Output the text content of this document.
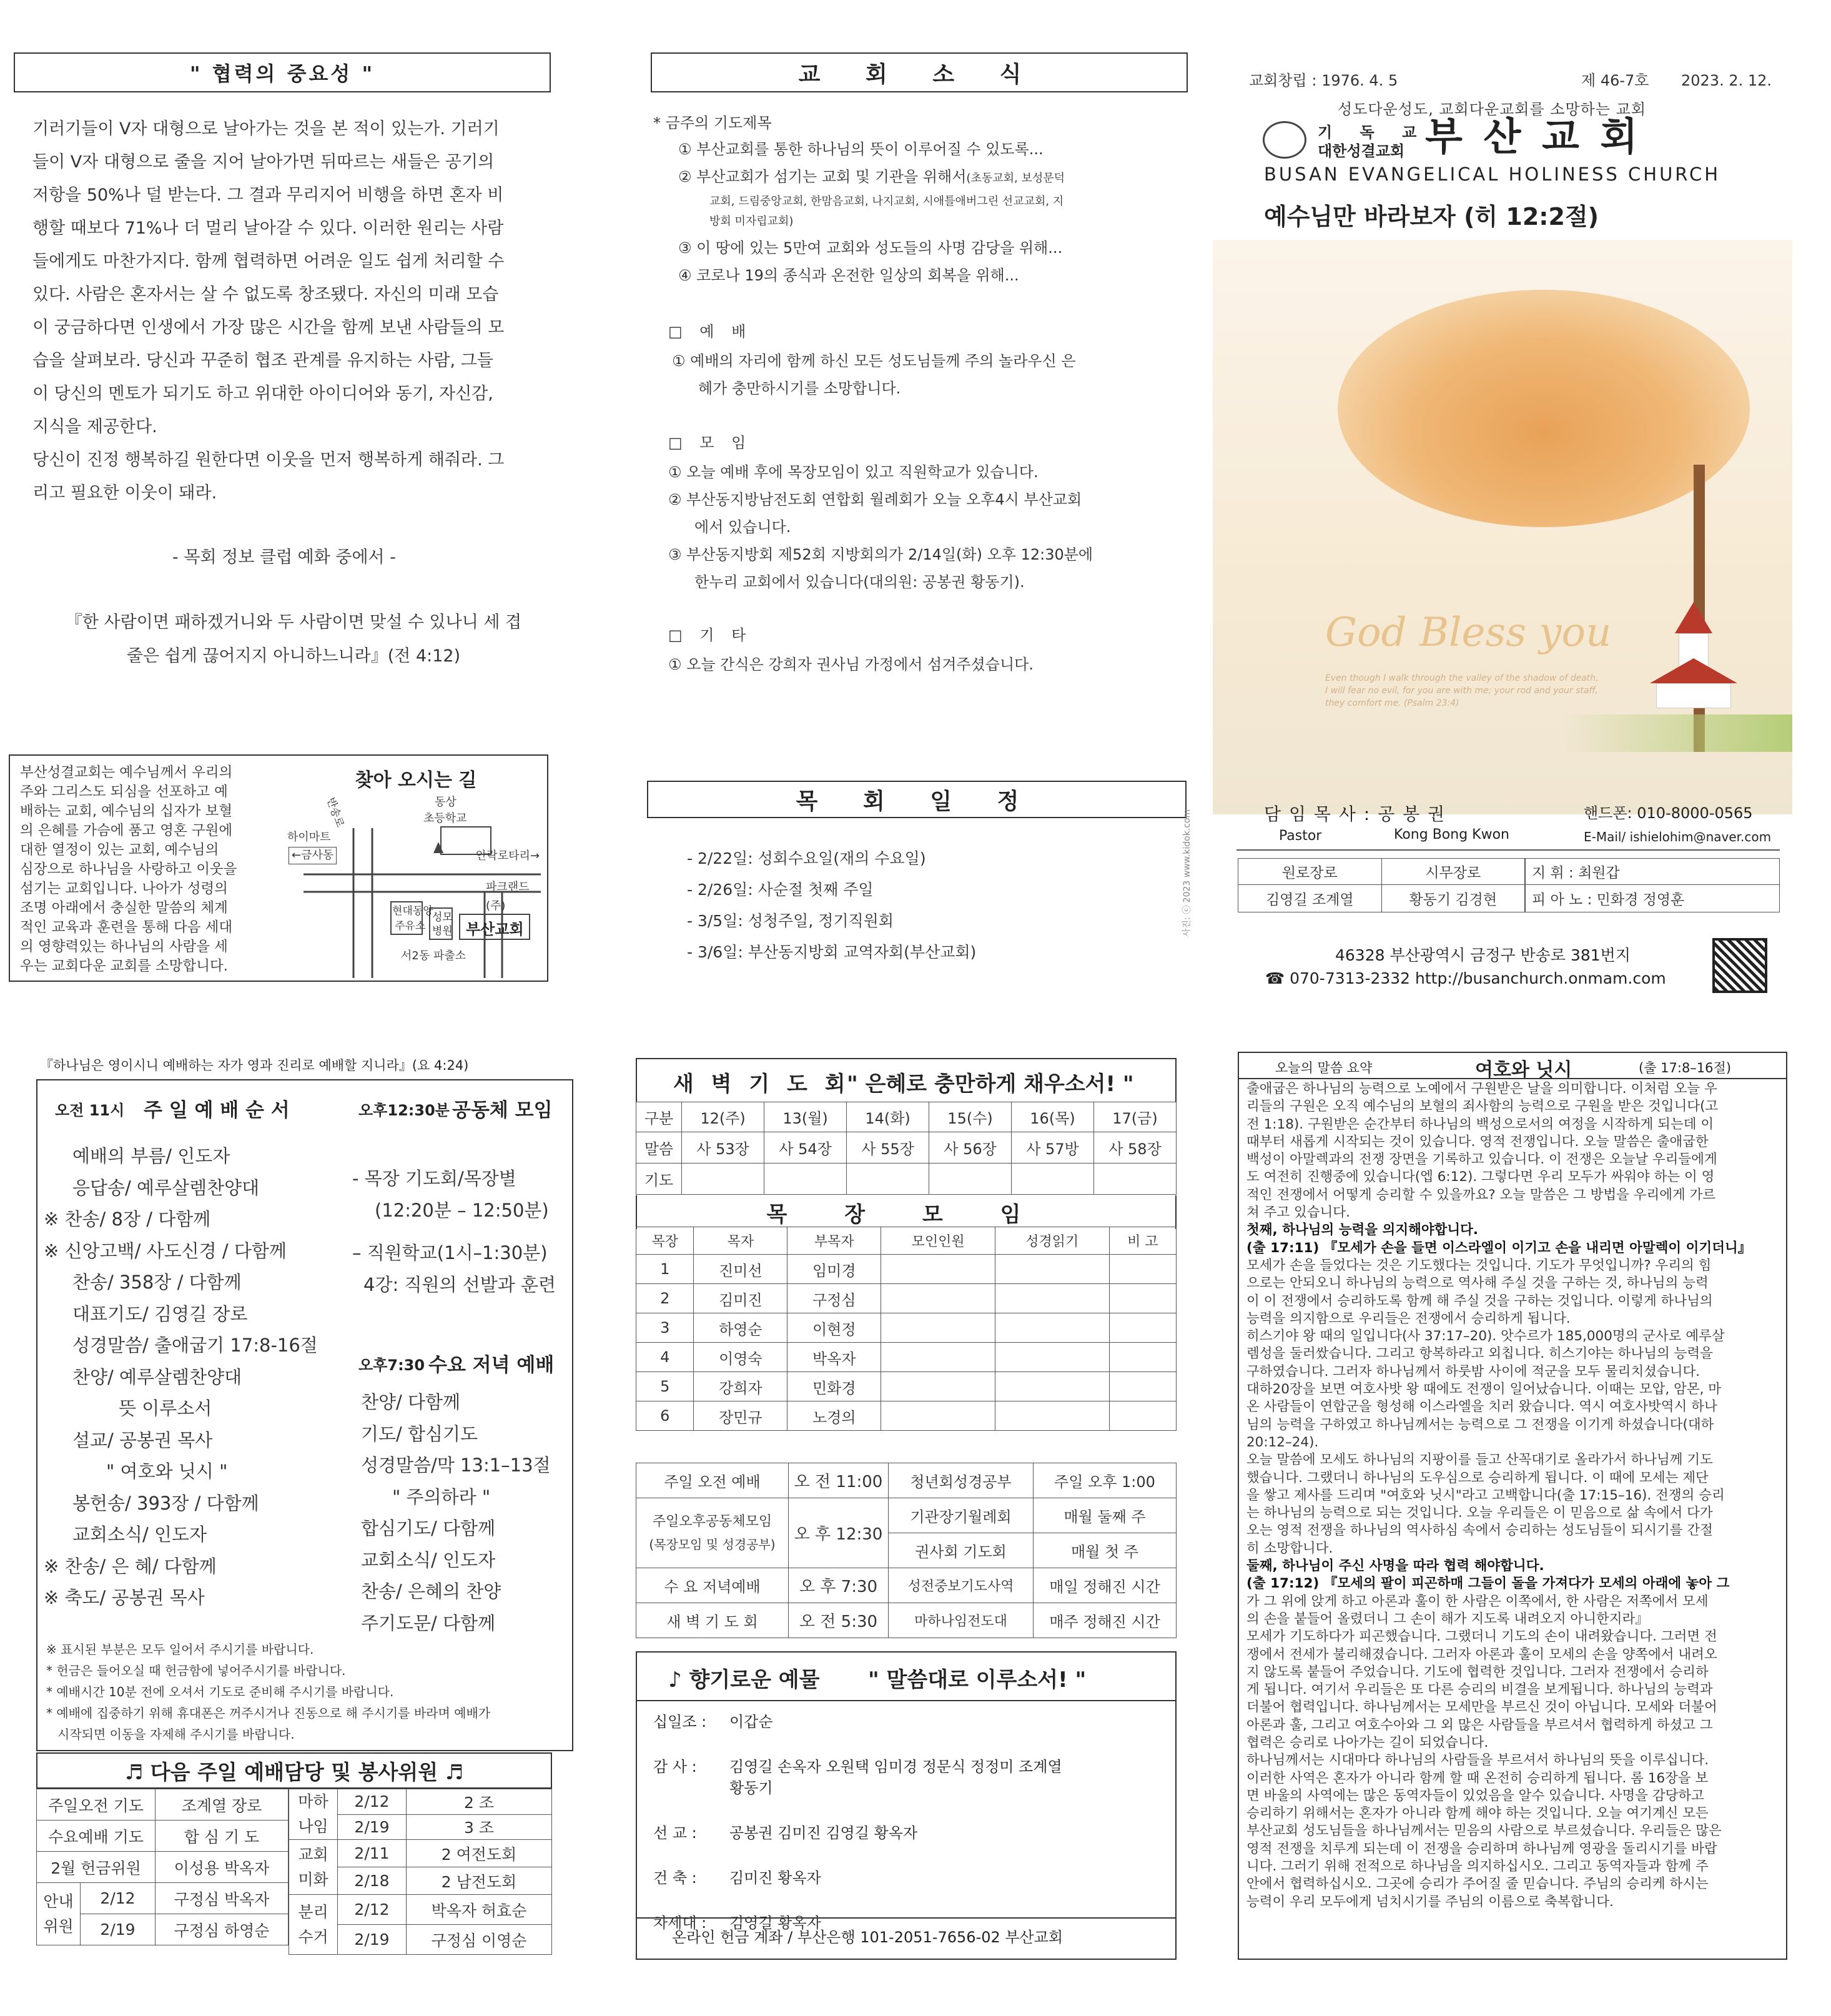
" 협력의 중요성 "
기러기들이 V자 대형으로 날아가는 것을 본 적이 있는가. 기러기
들이 V자 대형으로 줄을 지어 날아가면 뒤따르는 새들은 공기의
저항을 50%나 덜 받는다. 그 결과 무리지어 비행을 하면 혼자 비
행할 때보다 71%나 더 멀리 날아갈 수 있다. 이러한 원리는 사람
들에게도 마찬가지다. 함께 협력하면 어려운 일도 쉽게 처리할 수
있다. 사람은 혼자서는 살 수 없도록 창조됐다. 자신의 미래 모습
이 궁금하다면 인생에서 가장 많은 시간을 함께 보낸 사람들의 모
습을 살펴보라. 당신과 꾸준히 협조 관계를 유지하는 사람, 그들
이 당신의 멘토가 되기도 하고 위대한 아이디어와 동기, 자신감,
지식을 제공한다.
당신이 진정 행복하길 원한다면 이웃을 먼저 행복하게 해줘라. 그
리고 필요한 이웃이 돼라.
- 목회 정보 클럽 예화 중에서 -
『한 사람이면 패하겠거니와 두 사람이면 맞설 수 있나니 세 겹
줄은 쉽게 끊어지지 아니하느니라』(전 4:12)
부산성결교회는 예수님께서 우리의
주와 그리스도 되심을 선포하고 예
배하는 교회, 예수님의 십자가 보혈
의 은혜를 가슴에 품고 영혼 구원에
대한 열정이 있는 교회, 예수님의
심장으로 하나님을 사랑하고 이웃을
섬기는 교회입니다. 나아가 성령의
조명 아래에서 충실한 말씀의 체계
적인 교육과 훈련을 통해 다음 세대
의 영향력있는 하나님의 사람을 세
우는 교회다운 교회를 소망합니다.
찾아 오시는 길
하이마트
←금사동
동상
초등학교
안락로타리→
파크랜드(주)
현대동양
주유소
성모
병원 부산교회
서2동 파출소
반송로
교 회 소 식
* 금주의 기도제목
① 부산교회를 통한 하나님의 뜻이 이루어질 수 있도록...
② 부산교회가 섬기는 교회 및 기관을 위해서(초동교회, 보성문덕
교회, 드림중앙교회, 한맘음교회, 나지교회, 시애틀애버그린 선교교회, 지
방회 미자립교회)
③ 이 땅에 있는 5만여 교회와 성도들의 사명 감당을 위해...
④ 코로나 19의 종식과 온전한 일상의 회복을 위해...
□ 예 배
① 예배의 자리에 함께 하신 모든 성도님들께 주의 놀라우신 은
혜가 충만하시기를 소망합니다.
□ 모 임
① 오늘 예배 후에 목장모임이 있고 직원학교가 있습니다.
② 부산동지방남전도회 연합회 월례회가 오늘 오후4시 부산교회
에서 있습니다.
③ 부산동지방회 제52회 지방회의가 2/14일(화) 오후 12:30분에
한누리 교회에서 있습니다(대의원: 공봉권 황동기).
□ 기 타
① 오늘 간식은 강희자 권사님 가정에서 섬겨주셨습니다.
목 회 일 정
- 2/22일: 성회수요일(재의 수요일)
- 2/26일: 사순절 첫째 주일
- 3/5일: 성청주일, 정기직원회
- 3/6일: 부산동지방회 교역자회(부산교회)
교회창립 : 1976. 4. 5	제 46-7호 2023. 2. 12.
성도다운성도, 교회다운교회를 소망하는 교회
기 독 교
대한성결교회 부 산 교 회
BUSAN EVANGELICAL HOLINESS CHURCH
예수님만 바라보자 (히 12:2절)
God Bless you
Even though I walk through the valley of the shadow of death,
I will fear no evil, for you are with me; your rod and your staff,
they comfort me. (Psalm 23:4)
담 임 목 사 : 공 봉 권	핸드폰: 010-8000-0565
Pastor	Kong Bong Kwon	E-Mail/ ishielohim@naver.com
원로장로	시무장로
김영길 조계열	황동기 김경현
지 휘 : 최원갑
피 아 노 : 민화경 정영훈
46328 부산광역시 금정구 반송로 381번지
☎ 070-7313-2332 http://busanchurch.onmam.com
사진: ⓒ 2023 www.kidok.com
『하나님은 영이시니 예배하는 자가 영과 진리로 예배할 지니라』(요 4:24)
오전 11시 주 일 예 배 순 서
예배의 부름/ 인도자
응답송/ 예루살렘찬양대
※ 찬송/ 8장 / 다함께
※ 신앙고백/ 사도신경 / 다함께
찬송/ 358장 / 다함께
대표기도/ 김영길 장로
성경말씀/ 출애굽기 17:8-16절
찬양/ 예루살렘찬양대
뜻 이루소서
설교/ 공봉권 목사
" 여호와 닛시 "
봉헌송/ 393장 / 다함께
교회소식/ 인도자
※ 찬송/ 은 혜/ 다함께
※ 축도/ 공봉권 목사
오후12:30분 공동체 모임
- 목장 기도회/목장별
(12:20분 – 12:50분)
– 직원학교(1시–1:30분)
4강: 직원의 선발과 훈련
오후7:30 수요 저녁 예배
찬양/ 다함께
기도/ 합심기도
성경말씀/막 13:1–13절
" 주의하라 "
합심기도/ 다함께
교회소식/ 인도자
찬송/ 은혜의 찬양
주기도문/ 다함께
※ 표시된 부분은 모두 일어서 주시기를 바랍니다.
* 헌금은 들어오실 때 헌금함에 넣어주시기를 바랍니다.
* 예배시간 10분 전에 오셔서 기도로 준비해 주시기를 바랍니다.
* 예배에 집중하기 위해 휴대폰은 꺼주시거나 진동으로 해 주시기를 바라며 예배가
시작되면 이동을 자제해 주시기를 바랍니다.
♬ 다음 주일 예배담당 및 봉사위원 ♬
주일오전 기도	조계열 장로
수요예배 기도	합 심 기 도
2월 헌금위원	이성용 박옥자
안내 위원	2/12	구정심 박옥자
	2/19	구정심 하영순
마하 나임	2/12	2 조
	2/19	3 조
교회 미화	2/11	2 여전도회
	2/18	2 남전도회
분리 수거	2/12	박옥자 허효순
	2/19	구정심 이영순
새 벽 기 도 회
" 은혜로 충만하게 채우소서! "
구분	12(주)	13(월)	14(화)	15(수)	16(목)	17(금)
말씀	사 53장	사 54장	사 55장	사 56장	사 57방	사 58장
기도						
목 장 모 임
목장	목자	부목자	모인인원	성경읽기	비 고
1	진미선	임미경			
2	김미진	구정심			
3	하영순	이현정			
4	이영숙	박옥자			
5	강희자	민화경			
6	장민규	노경의			
주일 오전 예배	오 전 11:00	청년회성경공부	주일 오후 1:00

주일오후공동체모임
(목장모임 및 성경공부)	오 후 12:30	기관장기월례회	매월 둘째 주
		권사회 기도회	매월 첫 주
수 요 저녁예배	오 후 7:30	성전중보기도사역	매일 정해진 시간
새 벽 기 도 회	오 전 5:30	마하나임전도대	매주 정해진 시간
♪ 향기로운 예물 " 말씀대로 이루소서! "
십일조 :	이갑순
감 사 :	김영길 손옥자 오원택 임미경 정문식 정정미 조계열
황동기
선 교 :	공봉권 김미진 김영길 황옥자
건 축 :	김미진 황옥자
차세대 :	김영길 황옥자
온라인 헌금 계좌 / 부산은행 101-2051-7656-02 부산교회
오늘의 말씀 요약	여호와 닛시	(출 17:8–16절)
출애굽은 하나님의 능력으로 노예에서 구원받은 날을 의미합니다. 이처럼 오늘 우
리들의 구원은 오직 예수님의 보혈의 죄사함의 능력으로 구원을 받은 것입니다(고
전 1:18). 구원받은 순간부터 하나님의 백성으로서의 여정을 시작하게 되는데 이
때부터 새롭게 시작되는 것이 있습니다. 영적 전쟁입니다. 오늘 말씀은 출애굽한
백성이 아말렉과의 전쟁 장면을 기록하고 있습니다. 이 전쟁은 오늘날 우리들에게
도 여전히 진행중에 있습니다(엡 6:12). 그렇다면 우리 모두가 싸워야 하는 이 영
적인 전쟁에서 어떻게 승리할 수 있을까요? 오늘 말씀은 그 방법을 우리에게 가르
쳐 주고 있습니다.
첫째, 하나님의 능력을 의지해야합니다.
(출 17:11) 『모세가 손을 들면 이스라엘이 이기고 손을 내리면 아말렉이 이기더니』
모세가 손을 들었다는 것은 기도했다는 것입니다. 기도가 무엇입니까? 우리의 힘
으로는 안되오니 하나님의 능력으로 역사해 주실 것을 구하는 것, 하나님의 능력
이 이 전쟁에서 승리하도록 함께 해 주실 것을 구하는 것입니다. 이렇게 하나님의
능력을 의지함으로 우리들은 전쟁에서 승리하게 됩니다.
히스기야 왕 때의 일입니다(사 37:17–20). 앗수르가 185,000명의 군사로 예루살
렘성을 둘러쌌습니다. 그리고 항복하라고 외칩니다. 히스기야는 하나님의 능력을
구하였습니다. 그러자 하나님께서 하룻밤 사이에 적군을 모두 물리치셨습니다.
대하20장을 보면 여호사밧 왕 때에도 전쟁이 일어났습니다. 이때는 모압, 암몬, 마
온 사람들이 연합군을 형성해 이스라엘을 치러 왔습니다. 역시 여호사밧역시 하나
님의 능력을 구하였고 하나님께서는 능력으로 그 전쟁을 이기게 하셨습니다(대하
20:12–24).
오늘 말씀에 모세도 하나님의 지팡이를 들고 산꼭대기로 올라가서 하나님께 기도
했습니다. 그랬더니 하나님의 도우심으로 승리하게 됩니다. 이 때에 모세는 제단
을 쌓고 제사를 드리며 "여호와 닛시"라고 고백합니다(출 17:15–16). 전쟁의 승리
는 하나님의 능력으로 되는 것입니다. 오늘 우리들은 이 믿음으로 삶 속에서 다가
오는 영적 전쟁을 하나님의 역사하심 속에서 승리하는 성도님들이 되시기를 간절
히 소망합니다.
둘째, 하나님이 주신 사명을 따라 협력 해야합니다.
(출 17:12) 『모세의 팔이 피곤하매 그들이 돌을 가져다가 모세의 아래에 놓아 그
가 그 위에 앉게 하고 아론과 훌이 한 사람은 이쪽에서, 한 사람은 저쪽에서 모세
의 손을 붙들어 올렸더니 그 손이 해가 지도록 내려오지 아니한지라』
모세가 기도하다가 피곤했습니다. 그랬더니 기도의 손이 내려왔습니다. 그러면 전
쟁에서 전세가 불리해졌습니다. 그러자 아론과 훌이 모세의 손을 양쪽에서 내려오
지 않도록 붙들어 주었습니다. 기도에 협력한 것입니다. 그러자 전쟁에서 승리하
게 됩니다. 여기서 우리들은 또 다른 승리의 비결을 보게됩니다. 하나님의 능력과
더불어 협력입니다. 하나님께서는 모세만을 부르신 것이 아닙니다. 모세와 더불어
아론과 훌, 그리고 여호수아와 그 외 많은 사람들을 부르셔서 협력하게 하셨고 그
협력은 승리로 나아가는 길이 되었습니다.
하나님께서는 시대마다 하나님의 사람들을 부르셔서 하나님의 뜻을 이루십니다.
이러한 사역은 혼자가 아니라 함께 할 때 온전히 승리하게 됩니다. 롬 16장을 보
면 바울의 사역에는 많은 동역자들이 있었음을 알수 있습니다. 사명을 감당하고
승리하기 위해서는 혼자가 아니라 함께 해야 하는 것입니다. 오늘 여기계신 모든
부산교회 성도님들을 하나님께서는 믿음의 사람으로 부르셨습니다. 우리들은 많은
영적 전쟁을 치루게 되는데 이 전쟁을 승리하며 하나님께 영광을 돌리시기를 바랍
니다. 그러기 위해 전적으로 하나님을 의지하십시오. 그리고 동역자들과 함께 주
안에서 협력하십시오. 그곳에 승리가 주어질 줄 믿습니다. 주님의 승리케 하시는
능력이 우리 모두에게 넘치시기를 주님의 이름으로 축복합니다.
